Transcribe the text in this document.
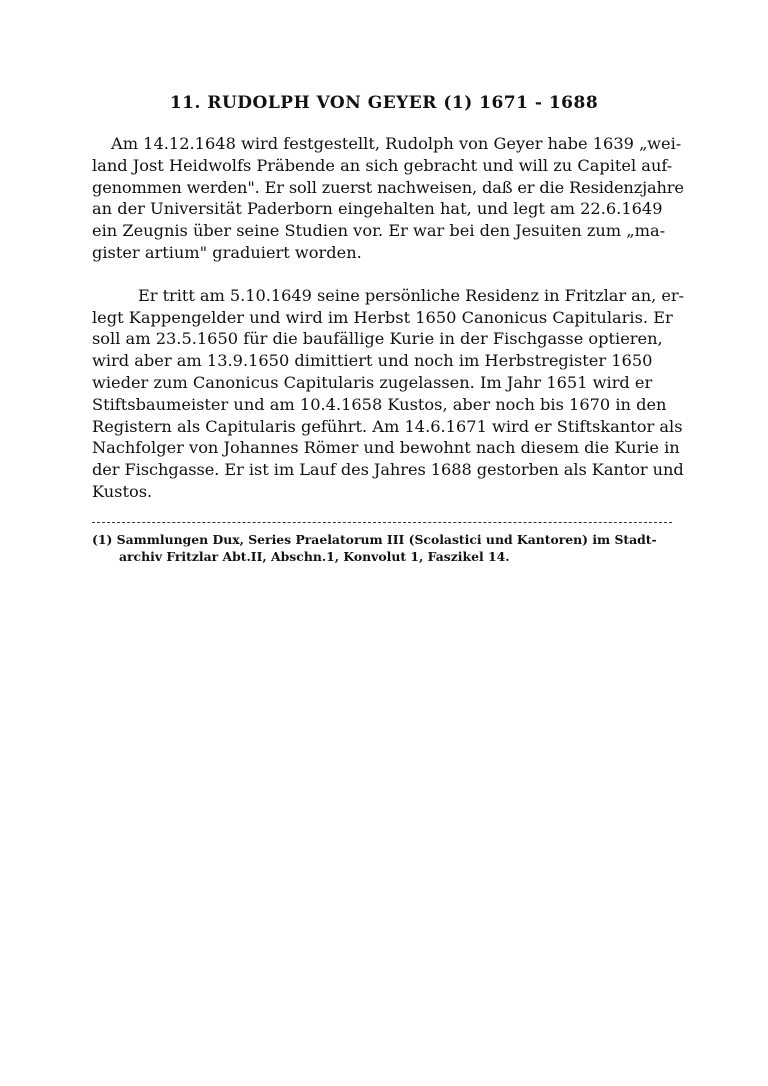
11. RUDOLPH VON GEYER (1) 1671 - 1688

Am 14.12.1648 wird festgestellt, Rudolph von Geyer habe 1639 „wei-
land Jost Heidwolfs Präbende an sich gebracht und will zu Capitel auf-
genommen werden". Er soll zuerst nachweisen, daß er die Residenzjahre
an der Universität Paderborn eingehalten hat, und legt am 22.6.1649
ein Zeugnis über seine Studien vor. Er war bei den Jesuiten zum „ma-
gister artium" graduiert worden.

Er tritt am 5.10.1649 seine persönliche Residenz in Fritzlar an, er-
legt Kappengelder und wird im Herbst 1650 Canonicus Capitularis. Er
soll am 23.5.1650 für die baufällige Kurie in der Fischgasse optieren,
wird aber am 13.9.1650 dimittiert und noch im Herbstregister 1650
wieder zum Canonicus Capitularis zugelassen. Im Jahr 1651 wird er
Stiftsbaumeister und am 10.4.1658 Kustos, aber noch bis 1670 in den
Registern als Capitularis geführt. Am 14.6.1671 wird er Stiftskantor als
Nachfolger von Johannes Römer und bewohnt nach diesem die Kurie in
der Fischgasse. Er ist im Lauf des Jahres 1688 gestorben als Kantor und
Kustos.

(1) Sammlungen Dux, Series Praelatorum III (Scolastici und Kantoren) im Stadt-
archiv Fritzlar Abt.II, Abschn.1, Konvolut 1, Faszikel 14.
